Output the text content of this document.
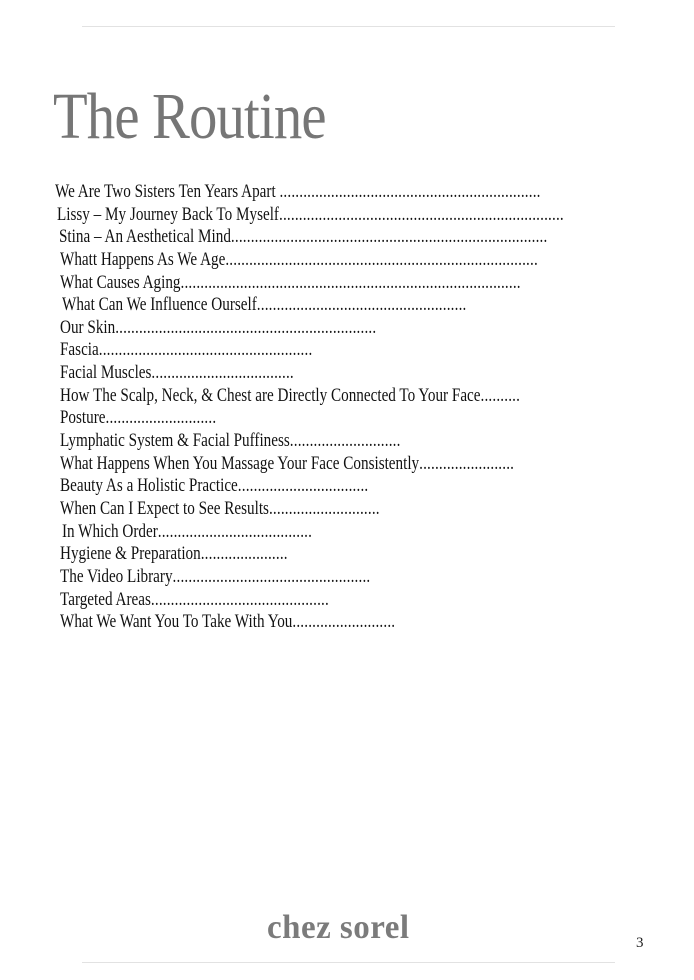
The Routine
We Are Two Sisters Ten Years Apart ..................................................................
Lissy – My Journey Back To Myself........................................................................
Stina – An Aesthetical Mind................................................................................
Whatt Happens As We Age...............................................................................
What Causes Aging......................................................................................
What Can We Influence Ourself.....................................................
Our Skin..................................................................
Fascia......................................................
Facial Muscles....................................
How The Scalp, Neck, & Chest are Directly Connected To Your Face..........
Posture............................
Lymphatic System & Facial Puffiness............................
What Happens When You Massage Your Face Consistently........................
Beauty As a Holistic Practice.................................
When Can I Expect to See Results............................
In Which Order.......................................
Hygiene & Preparation......................
The Video Library..................................................
Targeted Areas.............................................
What We Want You To Take With You..........................
chez sorel	3
